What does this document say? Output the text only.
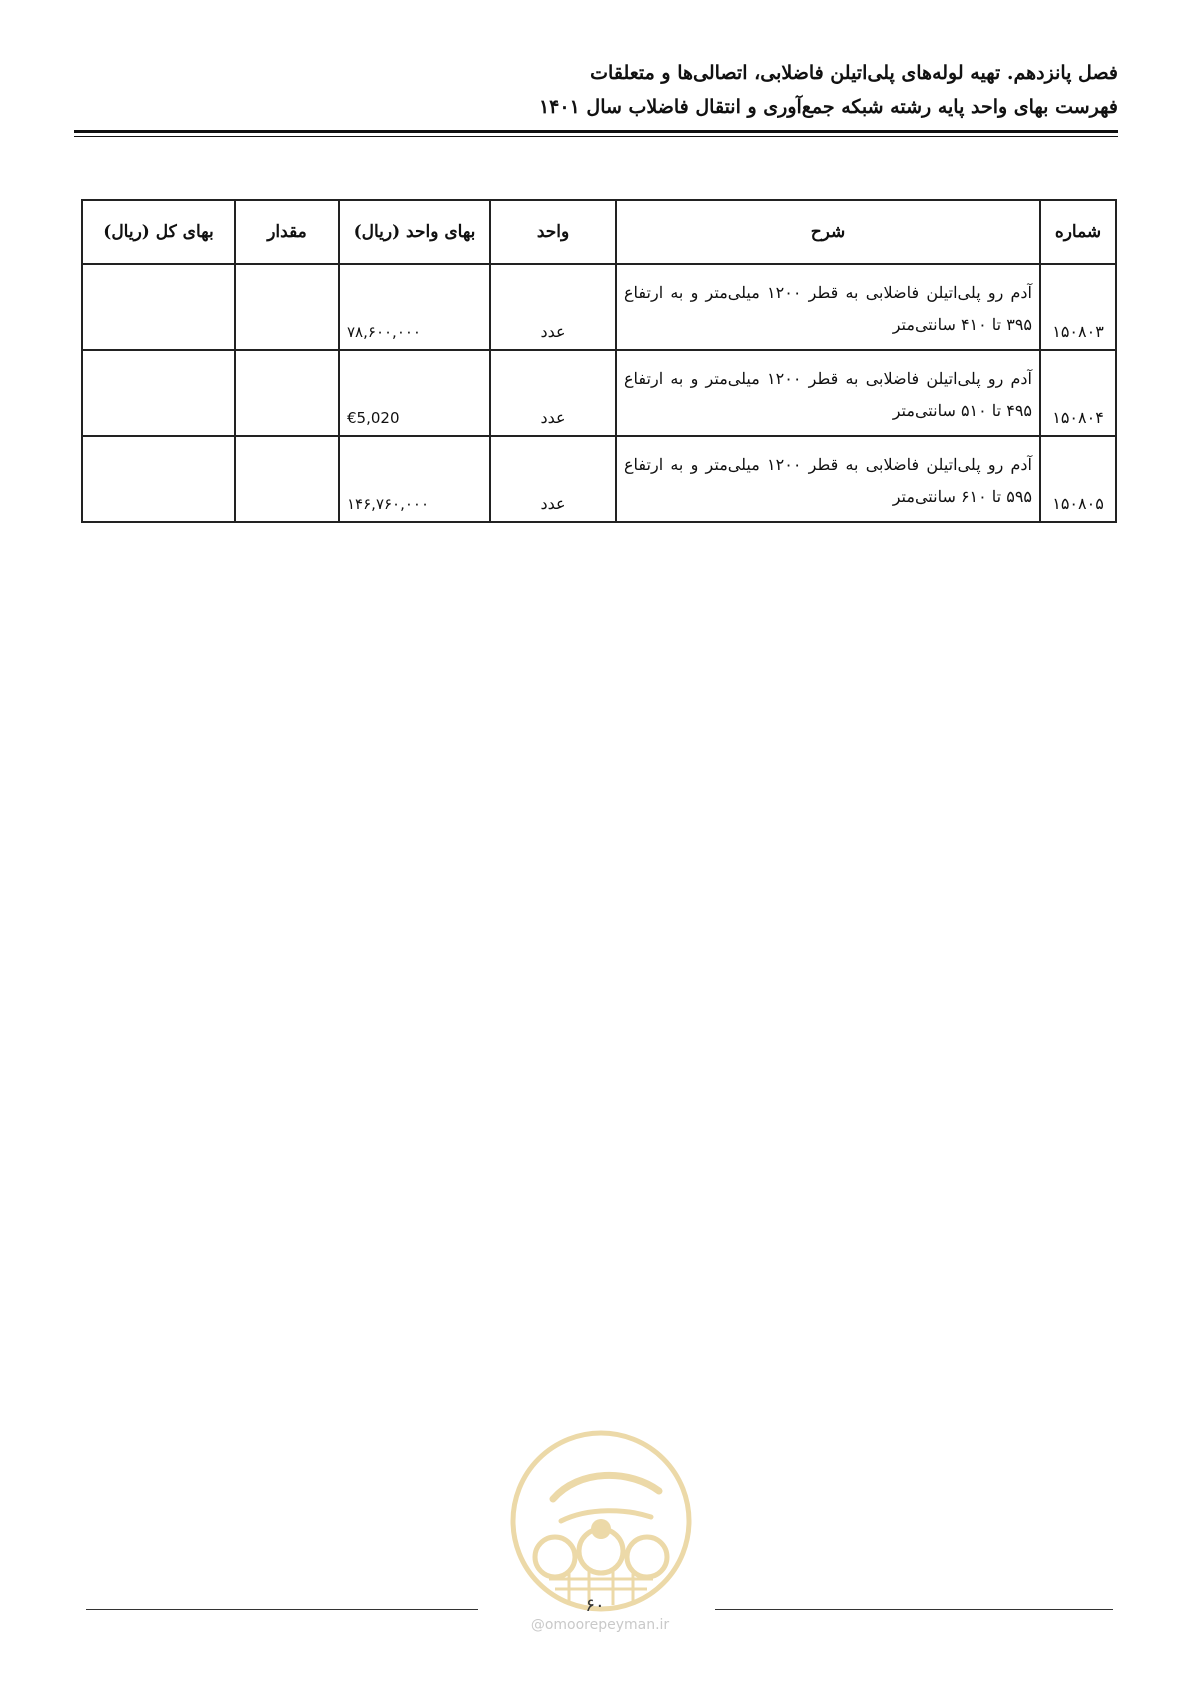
فصل پانزدهم. تهیه لوله‌های پلی‌اتیلن فاضلابی، اتصالی‌ها و متعلقات
فهرست بهای واحد پایه رشته شبکه جمع‌آوری و انتقال فاضلاب سال ۱۴۰۱
شماره	شرح	واحد	بهای واحد (ریال)	مقدار	بهای کل (ریال)
۱۵۰۸۰۳	آدم رو پلی‌اتیلن فاضلابی به قطر ۱۲۰۰ میلی‌متر و به ارتفاع ۳۹۵ تا ۴۱۰ سانتی‌متر	عدد	۷۸,۶۰۰,۰۰۰		
۱۵۰۸۰۴	آدم رو پلی‌اتیلن فاضلابی به قطر ۱۲۰۰ میلی‌متر و به ارتفاع ۴۹۵ تا ۵۱۰ سانتی‌متر	عدد	€5,020		
۱۵۰۸۰۵	آدم رو پلی‌اتیلن فاضلابی به قطر ۱۲۰۰ میلی‌متر و به ارتفاع ۵۹۵ تا ۶۱۰ سانتی‌متر	عدد	۱۴۶,۷۶۰,۰۰۰		
۶۰
@omoorepeyman.ir
